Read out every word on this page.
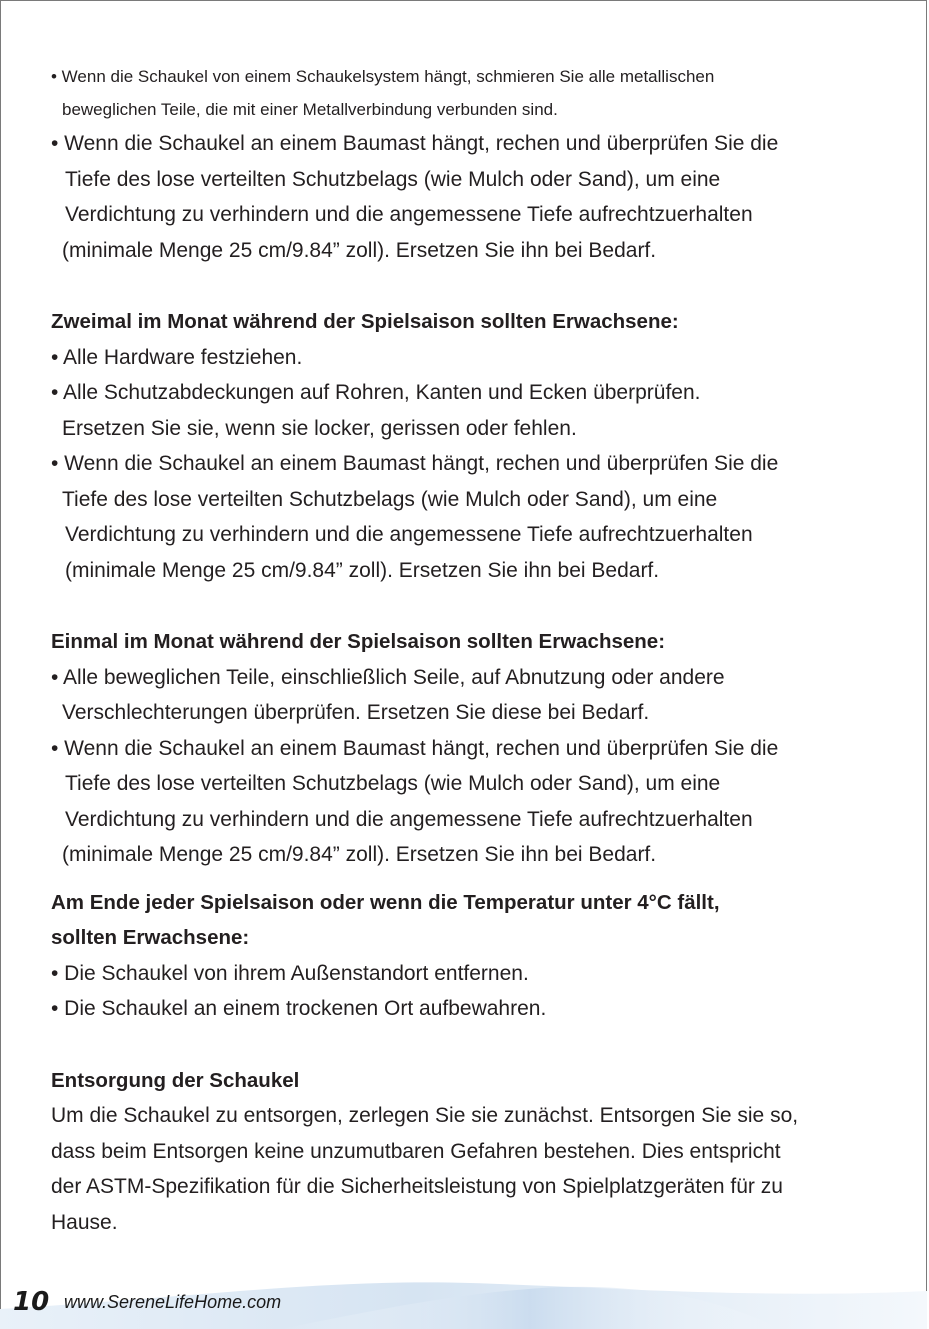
• Wenn die Schaukel von einem Schaukelsystem hängt, schmieren Sie alle metallischen
beweglichen Teile, die mit einer Metallverbindung verbunden sind.
• Wenn die Schaukel an einem Baumast hängt, rechen und überprüfen Sie die
Tiefe des lose verteilten Schutzbelags (wie Mulch oder Sand), um eine
Verdichtung zu verhindern und die angemessene Tiefe aufrechtzuerhalten
(minimale Menge 25 cm/9.84” zoll). Ersetzen Sie ihn bei Bedarf.
Zweimal im Monat während der Spielsaison sollten Erwachsene:
• Alle Hardware festziehen.
• Alle Schutzabdeckungen auf Rohren, Kanten und Ecken überprüfen.
Ersetzen Sie sie, wenn sie locker, gerissen oder fehlen.
• Wenn die Schaukel an einem Baumast hängt, rechen und überprüfen Sie die
Tiefe des lose verteilten Schutzbelags (wie Mulch oder Sand), um eine
Verdichtung zu verhindern und die angemessene Tiefe aufrechtzuerhalten
(minimale Menge 25 cm/9.84” zoll). Ersetzen Sie ihn bei Bedarf.
Einmal im Monat während der Spielsaison sollten Erwachsene:
• Alle beweglichen Teile, einschließlich Seile, auf Abnutzung oder andere
Verschlechterungen überprüfen. Ersetzen Sie diese bei Bedarf.
• Wenn die Schaukel an einem Baumast hängt, rechen und überprüfen Sie die
Tiefe des lose verteilten Schutzbelags (wie Mulch oder Sand), um eine
Verdichtung zu verhindern und die angemessene Tiefe aufrechtzuerhalten
(minimale Menge 25 cm/9.84” zoll). Ersetzen Sie ihn bei Bedarf.
Am Ende jeder Spielsaison oder wenn die Temperatur unter 4°C fällt,
sollten Erwachsene:
• Die Schaukel von ihrem Außenstandort entfernen.
• Die Schaukel an einem trockenen Ort aufbewahren.
Entsorgung der Schaukel
Um die Schaukel zu entsorgen, zerlegen Sie sie zunächst. Entsorgen Sie sie so,
dass beim Entsorgen keine unzumutbaren Gefahren bestehen. Dies entspricht
der ASTM-Spezifikation für die Sicherheitsleistung von Spielplatzgeräten für zu
Hause.
10 www.SereneLifeHome.com
